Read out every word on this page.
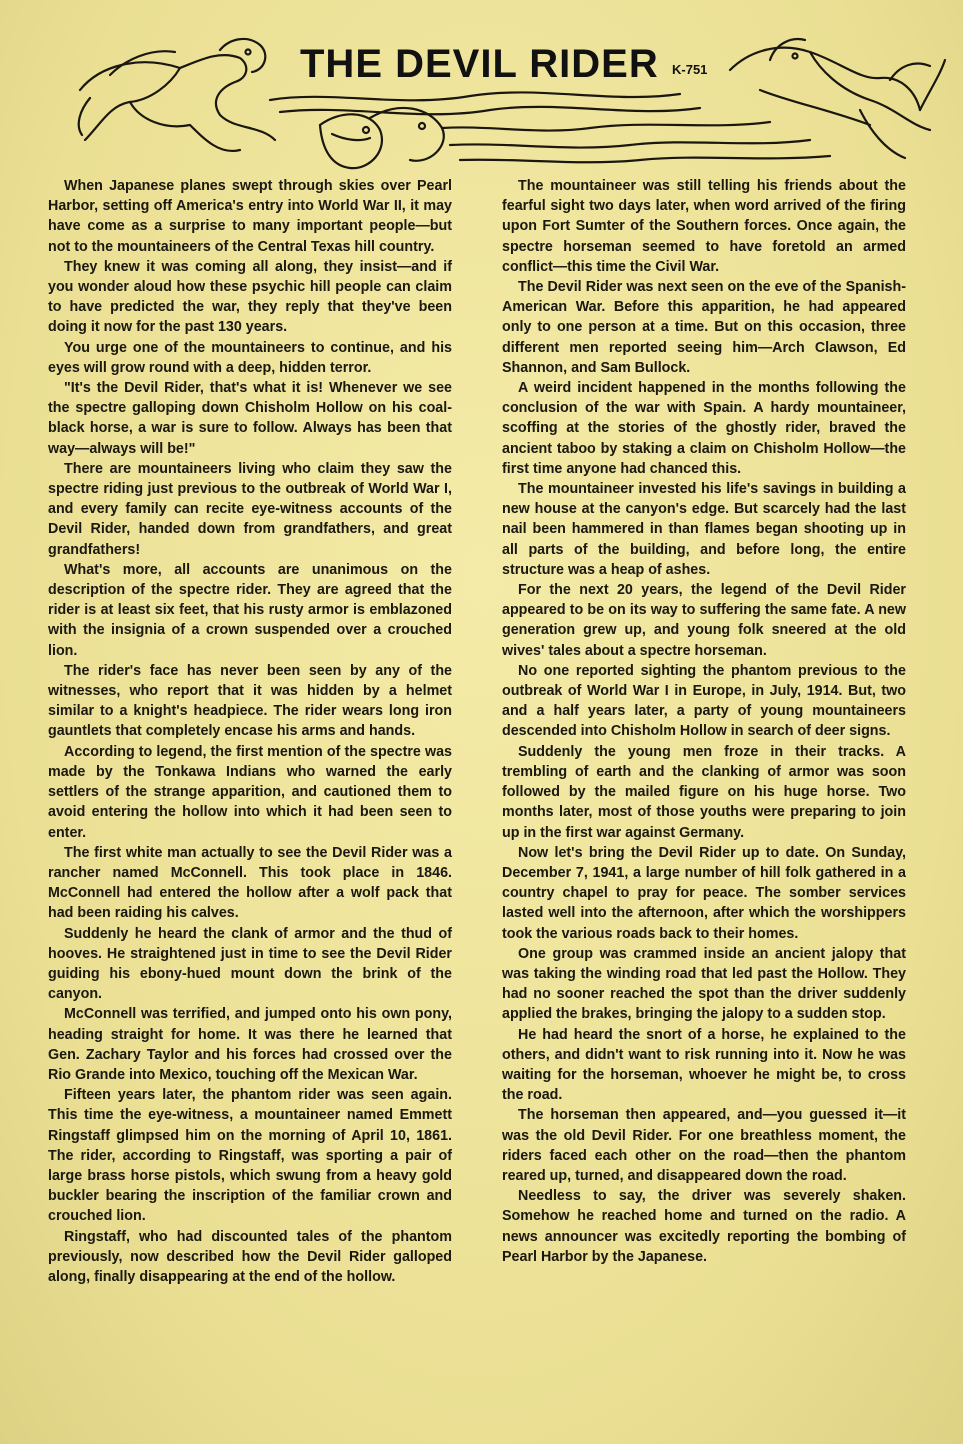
THE DEVIL RIDER K-751

When Japanese planes swept through skies over Pearl Harbor, setting off America's entry into World War II, it may have come as a surprise to many important people—but not to the mountaineers of the Central Texas hill country.

They knew it was coming all along, they insist—and if you wonder aloud how these psychic hill people can claim to have predicted the war, they reply that they've been doing it now for the past 130 years.

You urge one of the mountaineers to continue, and his eyes will grow round with a deep, hidden terror.

"It's the Devil Rider, that's what it is! Whenever we see the spectre galloping down Chisholm Hollow on his coal-black horse, a war is sure to follow. Always has been that way—always will be!"

There are mountaineers living who claim they saw the spectre riding just previous to the outbreak of World War I, and every family can recite eye-witness accounts of the Devil Rider, handed down from grandfathers, and great grandfathers!

What's more, all accounts are unanimous on the description of the spectre rider. They are agreed that the rider is at least six feet, that his rusty armor is emblazoned with the insignia of a crown suspended over a crouched lion.

The rider's face has never been seen by any of the witnesses, who report that it was hidden by a helmet similar to a knight's headpiece. The rider wears long iron gauntlets that completely encase his arms and hands.

According to legend, the first mention of the spectre was made by the Tonkawa Indians who warned the early settlers of the strange apparition, and cautioned them to avoid entering the hollow into which it had been seen to enter.

The first white man actually to see the Devil Rider was a rancher named McConnell. This took place in 1846. McConnell had entered the hollow after a wolf pack that had been raiding his calves.

Suddenly he heard the clank of armor and the thud of hooves. He straightened just in time to see the Devil Rider guiding his ebony-hued mount down the brink of the canyon.

McConnell was terrified, and jumped onto his own pony, heading straight for home. It was there he learned that Gen. Zachary Taylor and his forces had crossed over the Rio Grande into Mexico, touching off the Mexican War.

Fifteen years later, the phantom rider was seen again. This time the eye-witness, a mountaineer named Emmett Ringstaff glimpsed him on the morning of April 10, 1861. The rider, according to Ringstaff, was sporting a pair of large brass horse pistols, which swung from a heavy gold buckler bearing the inscription of the familiar crown and crouched lion.

Ringstaff, who had discounted tales of the phantom previously, now described how the Devil Rider galloped along, finally disappearing at the end of the hollow.

The mountaineer was still telling his friends about the fearful sight two days later, when word arrived of the firing upon Fort Sumter of the Southern forces. Once again, the spectre horseman seemed to have foretold an armed conflict—this time the Civil War.

The Devil Rider was next seen on the eve of the Spanish-American War. Before this apparition, he had appeared only to one person at a time. But on this occasion, three different men reported seeing him—Arch Clawson, Ed Shannon, and Sam Bullock.

A weird incident happened in the months following the conclusion of the war with Spain. A hardy mountaineer, scoffing at the stories of the ghostly rider, braved the ancient taboo by staking a claim on Chisholm Hollow—the first time anyone had chanced this.

The mountaineer invested his life's savings in building a new house at the canyon's edge. But scarcely had the last nail been hammered in than flames began shooting up in all parts of the building, and before long, the entire structure was a heap of ashes.

For the next 20 years, the legend of the Devil Rider appeared to be on its way to suffering the same fate. A new generation grew up, and young folk sneered at the old wives' tales about a spectre horseman.

No one reported sighting the phantom previous to the outbreak of World War I in Europe, in July, 1914. But, two and a half years later, a party of young mountaineers descended into Chisholm Hollow in search of deer signs.

Suddenly the young men froze in their tracks. A trembling of earth and the clanking of armor was soon followed by the mailed figure on his huge horse. Two months later, most of those youths were preparing to join up in the first war against Germany.

Now let's bring the Devil Rider up to date. On Sunday, December 7, 1941, a large number of hill folk gathered in a country chapel to pray for peace. The somber services lasted well into the afternoon, after which the worshippers took the various roads back to their homes.

One group was crammed inside an ancient jalopy that was taking the winding road that led past the Hollow. They had no sooner reached the spot than the driver suddenly applied the brakes, bringing the jalopy to a sudden stop.

He had heard the snort of a horse, he explained to the others, and didn't want to risk running into it. Now he was waiting for the horseman, whoever he might be, to cross the road.

The horseman then appeared, and—you guessed it—it was the old Devil Rider. For one breathless moment, the riders faced each other on the road—then the phantom reared up, turned, and disappeared down the road.

Needless to say, the driver was severely shaken. Somehow he reached home and turned on the radio. A news announcer was excitedly reporting the bombing of Pearl Harbor by the Japanese.
